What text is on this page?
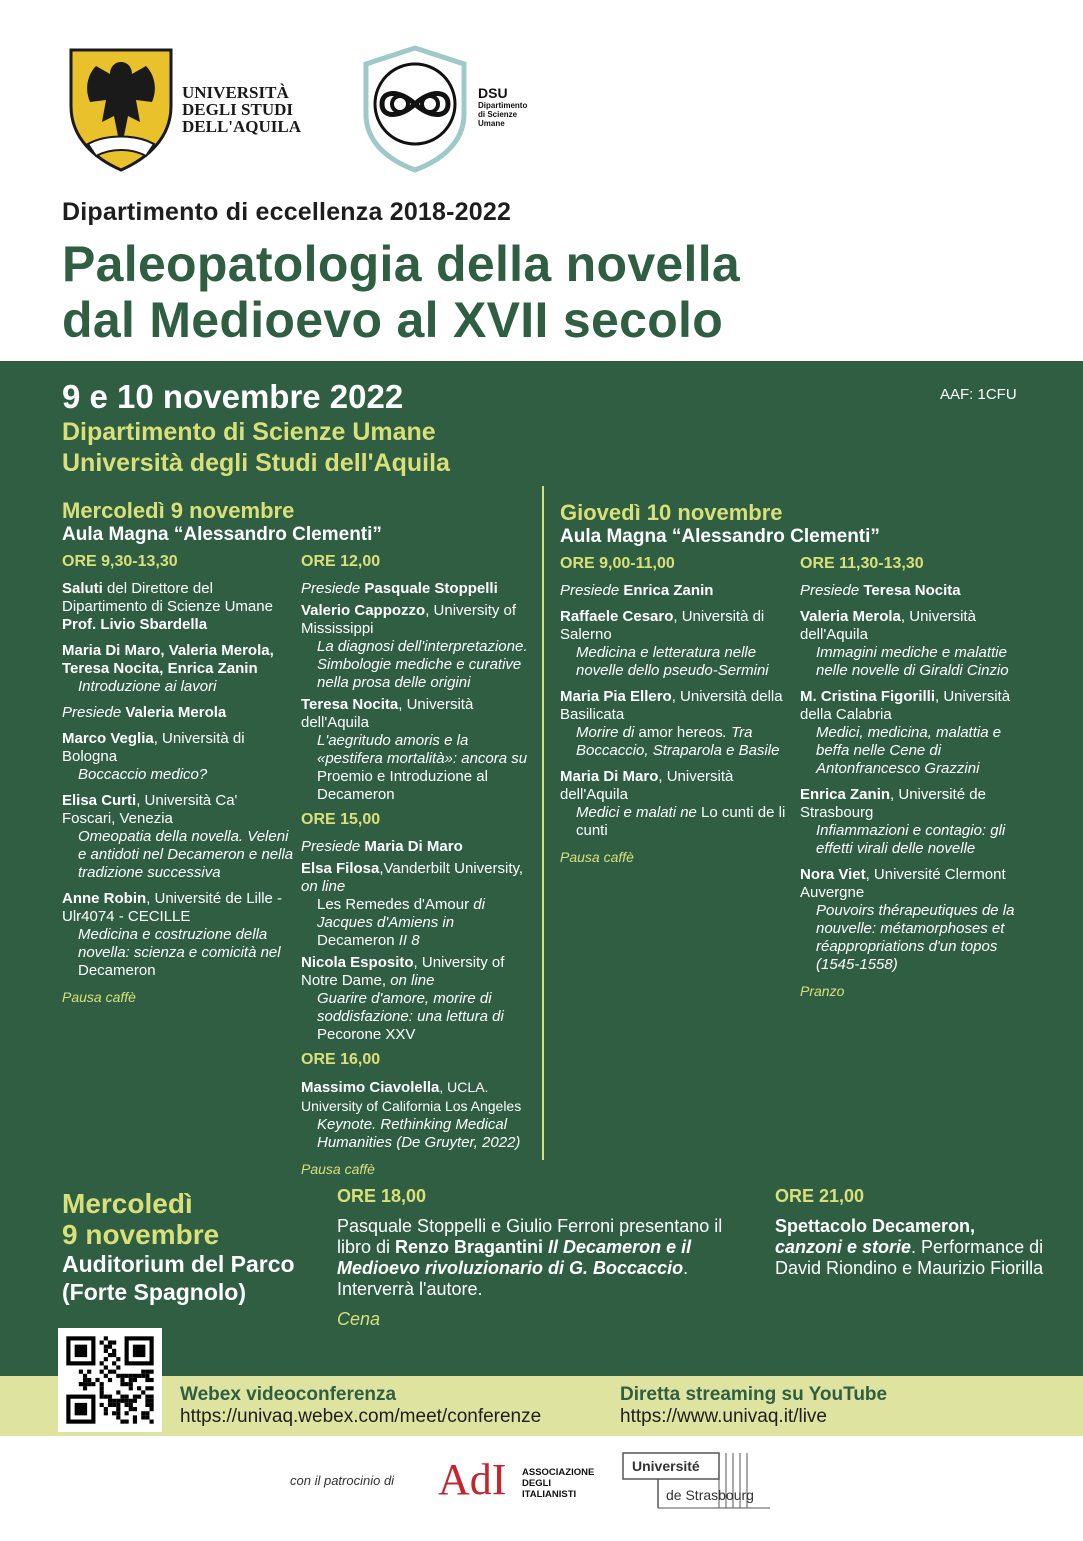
UNIVERSITÀ
DEGLI STUDI
DELL'AQUILA
DSU
Dipartimento
di Scienze
Umane
Dipartimento di eccellenza 2018-2022
Paleopatologia della novella
dal Medioevo al XVII secolo
9 e 10 novembre 2022
Dipartimento di Scienze Umane
Università degli Studi dell'Aquila
AAF: 1CFU
Mercoledì 9 novembre
Aula Magna “Alessandro Clementi”
ORE 9,30-13,30

Saluti del Direttore del Dipartimento di Scienze Umane
Prof. Livio Sbardella

Maria Di Maro, Valeria Merola, Teresa Nocita, Enrica Zanin

Introduzione ai lavori

Presiede Valeria Merola

Marco Veglia, Università di Bologna

Boccaccio medico?

Elisa Curti, Università Ca' Foscari, Venezia

Omeopatia della novella. Veleni e antidoti nel Decameron e nella tradizione successiva

Anne Robin, Université de Lille - Ulr4074 - CECILLE

Medicina e costruzione della novella: scienza e comicità nel Decameron

Pausa caffè

ORE 12,00

Presiede Pasquale Stoppelli

Valerio Cappozzo, University of Mississippi

La diagnosi dell'interpretazione. Simbologie mediche e curative nella prosa delle origini

Teresa Nocita, Università dell'Aquila

L'aegritudo amoris e la «pestifera mortalità»: ancora su Proemio e Introduzione al Decameron

ORE 15,00

Presiede Maria Di Maro

Elsa Filosa,Vanderbilt University, on line

Les Remedes d'Amour di Jacques d'Amiens in Decameron II 8

Nicola Esposito, University of Notre Dame, on line

Guarire d'amore, morire di soddisfazione: una lettura di Pecorone XXV

ORE 16,00

Massimo Ciavolella, UCLA. University of California Los Angeles

Keynote. Rethinking Medical Humanities (De Gruyter, 2022)

Pausa caffè

Giovedì 10 novembre
Aula Magna “Alessandro Clementi”
ORE 9,00-11,00

Presiede Enrica Zanin

Raffaele Cesaro, Università di Salerno

Medicina e letteratura nelle novelle dello pseudo-Sermini

Maria Pia Ellero, Università della Basilicata

Morire di amor hereos. Tra Boccaccio, Straparola e Basile

Maria Di Maro, Università dell'Aquila

Medici e malati ne Lo cunti de li cunti

Pausa caffè

ORE 11,30-13,30

Presiede Teresa Nocita

Valeria Merola, Università dell'Aquila

Immagini mediche e malattie nelle novelle di Giraldi Cinzio

M. Cristina Figorilli, Università della Calabria

Medici, medicina, malattia e beffa nelle Cene di Antonfrancesco Grazzini

Enrica Zanin, Université de Strasbourg

Infiammazioni e contagio: gli effetti virali delle novelle

Nora Viet, Université Clermont Auvergne

Pouvoirs thérapeutiques de la nouvelle: métamorphoses et réappropriations d'un topos (1545-1558)

Pranzo

Mercoledì
9 novembre
Auditorium del Parco
(Forte Spagnolo)
ORE 18,00
Pasquale Stoppelli e Giulio Ferroni presentano il libro di Renzo Bragantini Il Decameron e il Medioevo rivoluzionario di G. Boccaccio. Interverrà l'autore.
Cena
ORE 21,00
Spettacolo Decameron,
canzoni e storie. Performance di David Riondino e Maurizio Fiorilla
Webex videoconferenza
https://univaq.webex.com/meet/conferenze
Diretta streaming su YouTube
https://www.univaq.it/live
con il patrocinio di AdI ASSOCIAZIONE
DEGLI
ITALIANISTI
Université
de Strasbourg
